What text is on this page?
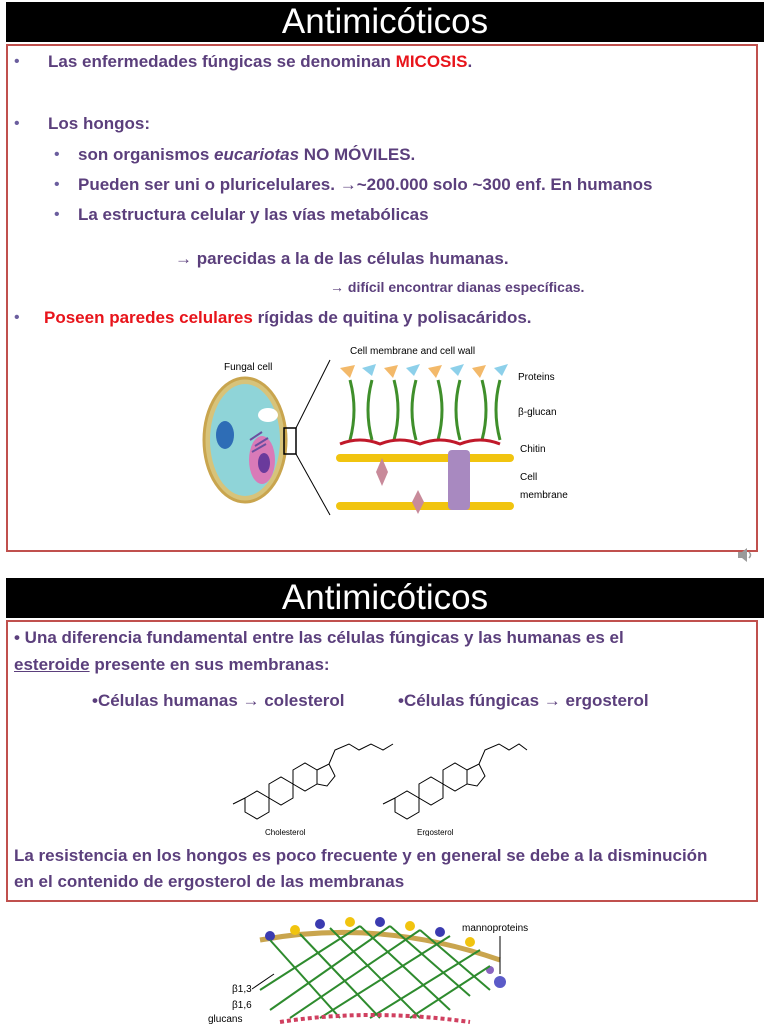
Antimicóticos
• Las enfermedades fúngicas se denominan MICOSIS.
• Los hongos:
• son organismos eucariotas NO MÓVILES.
• Pueden ser uni o pluricelulares. →~200.000 solo ~300 enf. En humanos
• La estructura celular y las vías metabólicas
→ parecidas a la de las células humanas.
→ difícil encontrar dianas específicas.
• Poseen paredes celulares rígidas de quitina y polisacáridos.
Fungal cell
Cell membrane and cell wall
Proteins
β-glucan
Chitin
Cell
membrane
Antimicóticos
• Una diferencia fundamental entre las células fúngicas y las humanas es el
esteroide presente en sus membranas:
•Células humanas → colesterol	•Células fúngicas → ergosterol
Cholesterol	Ergosterol
La resistencia en los hongos es poco frecuente y en general se debe a la disminución
en el contenido de ergosterol de las membranas
mannoproteins
β1,3
β1,6
glucans
